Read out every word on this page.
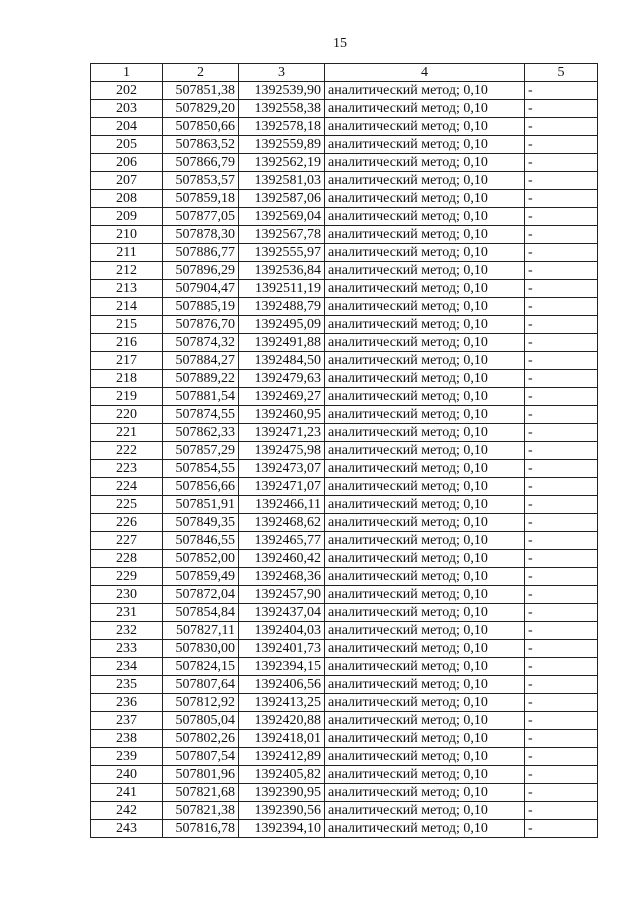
15
1	2	3	4	5
202	507851,38	1392539,90	аналитический метод; 0,10	-
203	507829,20	1392558,38	аналитический метод; 0,10	-
204	507850,66	1392578,18	аналитический метод; 0,10	-
205	507863,52	1392559,89	аналитический метод; 0,10	-
206	507866,79	1392562,19	аналитический метод; 0,10	-
207	507853,57	1392581,03	аналитический метод; 0,10	-
208	507859,18	1392587,06	аналитический метод; 0,10	-
209	507877,05	1392569,04	аналитический метод; 0,10	-
210	507878,30	1392567,78	аналитический метод; 0,10	-
211	507886,77	1392555,97	аналитический метод; 0,10	-
212	507896,29	1392536,84	аналитический метод; 0,10	-
213	507904,47	1392511,19	аналитический метод; 0,10	-
214	507885,19	1392488,79	аналитический метод; 0,10	-
215	507876,70	1392495,09	аналитический метод; 0,10	-
216	507874,32	1392491,88	аналитический метод; 0,10	-
217	507884,27	1392484,50	аналитический метод; 0,10	-
218	507889,22	1392479,63	аналитический метод; 0,10	-
219	507881,54	1392469,27	аналитический метод; 0,10	-
220	507874,55	1392460,95	аналитический метод; 0,10	-
221	507862,33	1392471,23	аналитический метод; 0,10	-
222	507857,29	1392475,98	аналитический метод; 0,10	-
223	507854,55	1392473,07	аналитический метод; 0,10	-
224	507856,66	1392471,07	аналитический метод; 0,10	-
225	507851,91	1392466,11	аналитический метод; 0,10	-
226	507849,35	1392468,62	аналитический метод; 0,10	-
227	507846,55	1392465,77	аналитический метод; 0,10	-
228	507852,00	1392460,42	аналитический метод; 0,10	-
229	507859,49	1392468,36	аналитический метод; 0,10	-
230	507872,04	1392457,90	аналитический метод; 0,10	-
231	507854,84	1392437,04	аналитический метод; 0,10	-
232	507827,11	1392404,03	аналитический метод; 0,10	-
233	507830,00	1392401,73	аналитический метод; 0,10	-
234	507824,15	1392394,15	аналитический метод; 0,10	-
235	507807,64	1392406,56	аналитический метод; 0,10	-
236	507812,92	1392413,25	аналитический метод; 0,10	-
237	507805,04	1392420,88	аналитический метод; 0,10	-
238	507802,26	1392418,01	аналитический метод; 0,10	-
239	507807,54	1392412,89	аналитический метод; 0,10	-
240	507801,96	1392405,82	аналитический метод; 0,10	-
241	507821,68	1392390,95	аналитический метод; 0,10	-
242	507821,38	1392390,56	аналитический метод; 0,10	-
243	507816,78	1392394,10	аналитический метод; 0,10	-
